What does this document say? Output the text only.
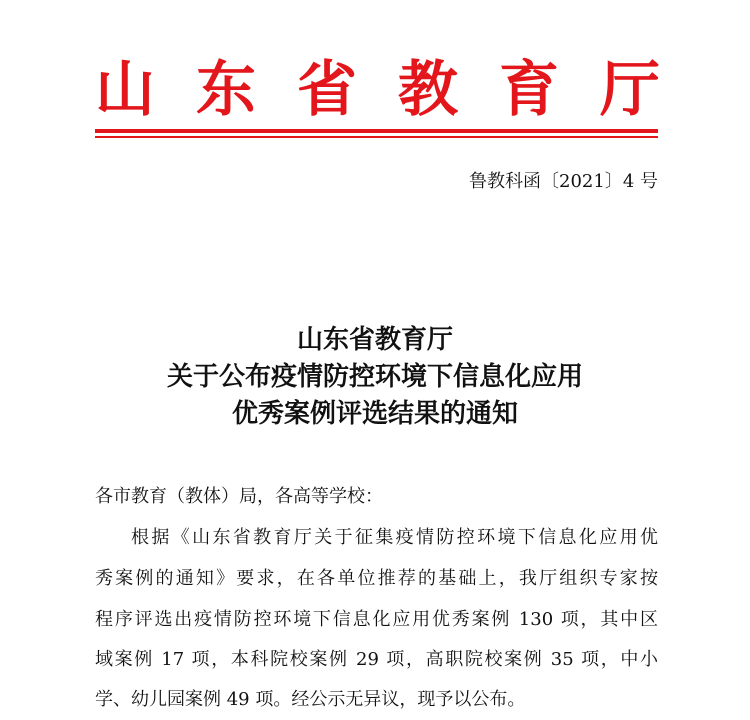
山 东 省 教 育 厅
鲁教科函〔2021〕4 号
山东省教育厅
关于公布疫情防控环境下信息化应用
优秀案例评选结果的通知
各市教育（教体）局，各高等学校：
根据《山东省教育厅关于征集疫情防控环境下信息化应用优
秀案例的通知》要求，在各单位推荐的基础上，我厅组织专家按
程序评选出疫情防控环境下信息化应用优秀案例 130 项，其中区
域案例 17 项，本科院校案例 29 项，高职院校案例 35 项，中小
学、幼儿园案例 49 项。经公示无异议，现予以公布。
